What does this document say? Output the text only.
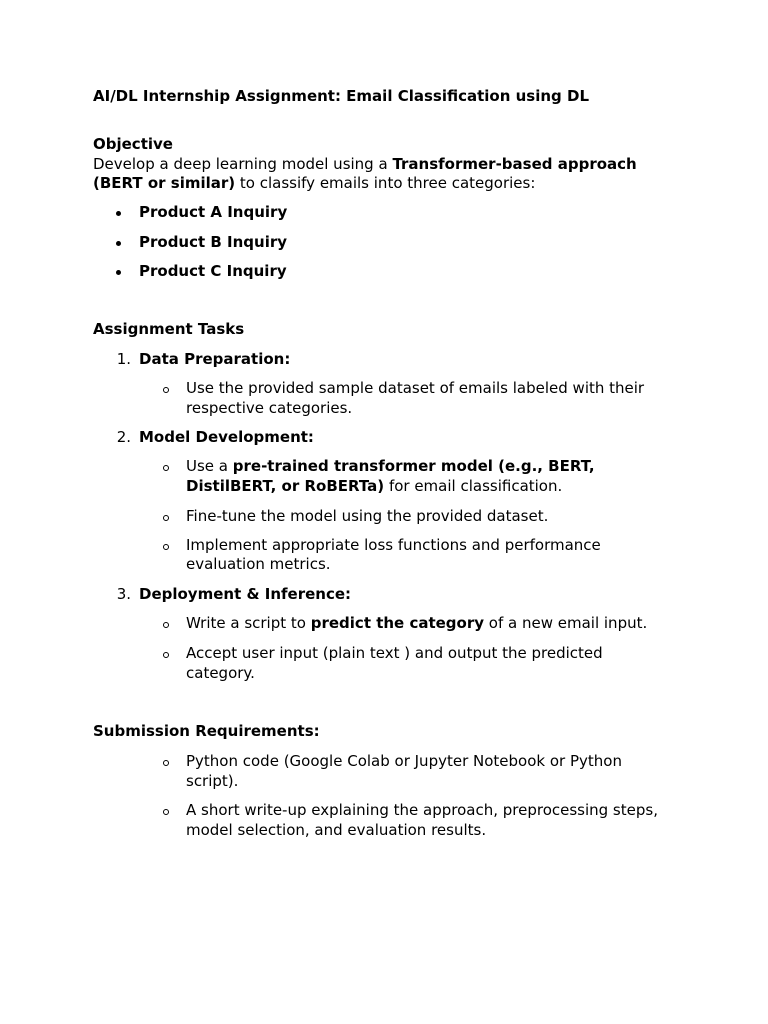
AI/DL Internship Assignment: Email Classification using DL

Objective

Develop a deep learning model using a Transformer-based approach

(BERT or similar) to classify emails into three categories:

Product A Inquiry

Product B Inquiry

Product C Inquiry

Assignment Tasks

1. Data Preparation:

Use the provided sample dataset of emails labeled with their

respective categories.

2. Model Development:

Use a pre-trained transformer model (e.g., BERT,

DistilBERT, or RoBERTa) for email classification.

Fine-tune the model using the provided dataset.

Implement appropriate loss functions and performance

evaluation metrics.

3. Deployment & Inference:

Write a script to predict the category of a new email input.

Accept user input (plain text ) and output the predicted

category.

Submission Requirements:

Python code (Google Colab or Jupyter Notebook or Python

script).

A short write-up explaining the approach, preprocessing steps,

model selection, and evaluation results.
